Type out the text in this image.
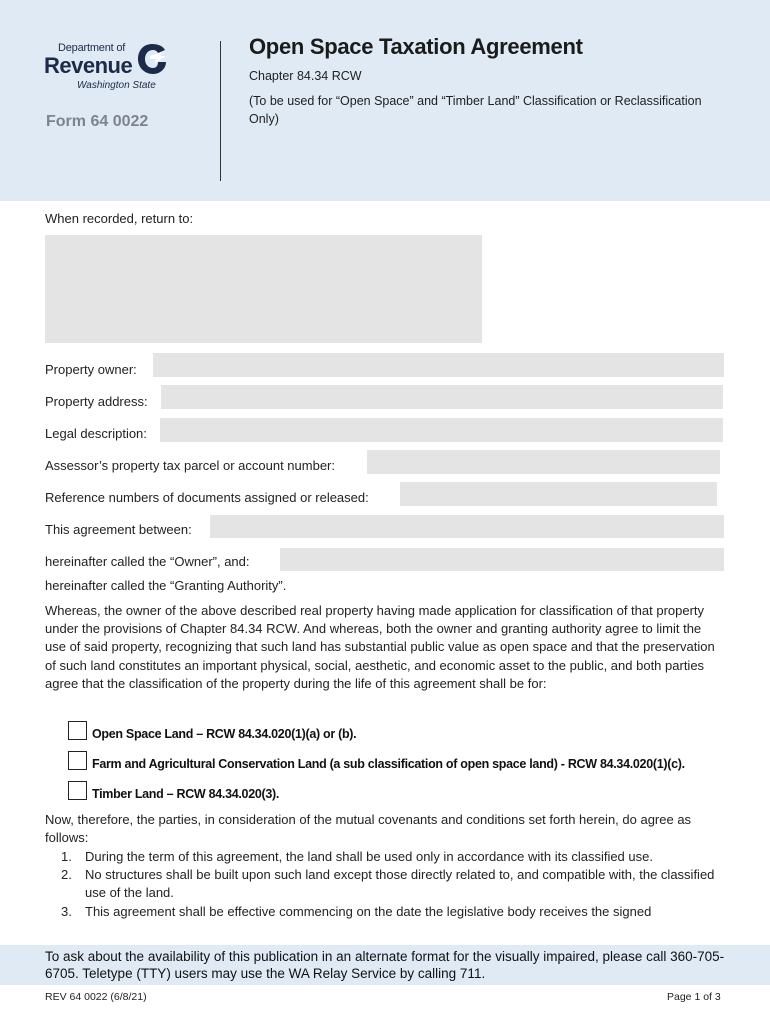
Department of
Revenue
Washington State
Form 64 0022
Open Space Taxation Agreement
Chapter 84.34 RCW
(To be used for “Open Space” and “Timber Land” Classification or Reclassification Only)
When recorded, return to:
Property owner:
Property address:
Legal description:
Assessor’s property tax parcel or account number:
Reference numbers of documents assigned or released:
This agreement between:
hereinafter called the “Owner”, and:
hereinafter called the “Granting Authority”.
Whereas, the owner of the above described real property having made application for classification of that property under the provisions of Chapter 84.34 RCW. And whereas, both the owner and granting authority agree to limit the use of said property, recognizing that such land has substantial public value as open space and that the preservation of such land constitutes an important physical, social, aesthetic, and economic asset to the public, and both parties agree that the classification of the property during the life of this agreement shall be for:
Open Space Land – RCW 84.34.020(1)(a) or (b).
Farm and Agricultural Conservation Land (a sub classification of open space land) - RCW 84.34.020(1)(c).
Timber Land – RCW 84.34.020(3).
Now, therefore, the parties, in consideration of the mutual covenants and conditions set forth herein, do agree as follows:
1. During the term of this agreement, the land shall be used only in accordance with its classified use.
2. No structures shall be built upon such land except those directly related to, and compatible with, the classified use of the land.
3. This agreement shall be effective commencing on the date the legislative body receives the signed
To ask about the availability of this publication in an alternate format for the visually impaired, please call 360-705-6705. Teletype (TTY) users may use the WA Relay Service by calling 711.
REV 64 0022 (6/8/21)	Page 1 of 3
